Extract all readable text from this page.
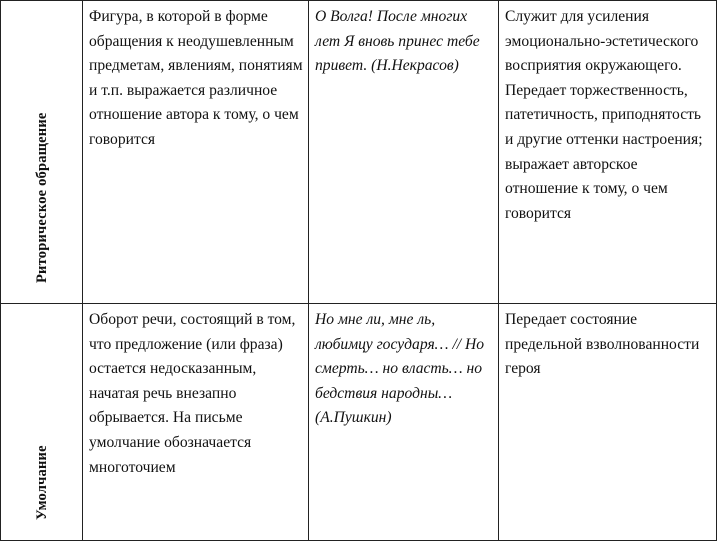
Риторическое обращение	Фигура, в которой в форме обращения к неодушевленным предметам, явлениям, понятиям и т.п. выражается различное отношение автора к тому, о чем говорится	О Волга! После многих лет Я вновь принес тебе привет. (Н.Некрасов)	Служит для усиления эмоционально-эстетического восприятия окружающего. Передает торжественность, патетичность, приподнятость и другие оттенки настроения; выражает авторское отношение к тому, о чем говорится

Умолчание	Оборот речи, состоящий в том, что предложение (или фраза) остается недосказанным, начатая речь внезапно обрывается. На письме умолчание обозначается многоточием	Но мне ли, мне ль, любимцу государя… // Но смерть… но власть… но бедствия народны… (А.Пушкин)	Передает состояние предельной взволнованности героя
